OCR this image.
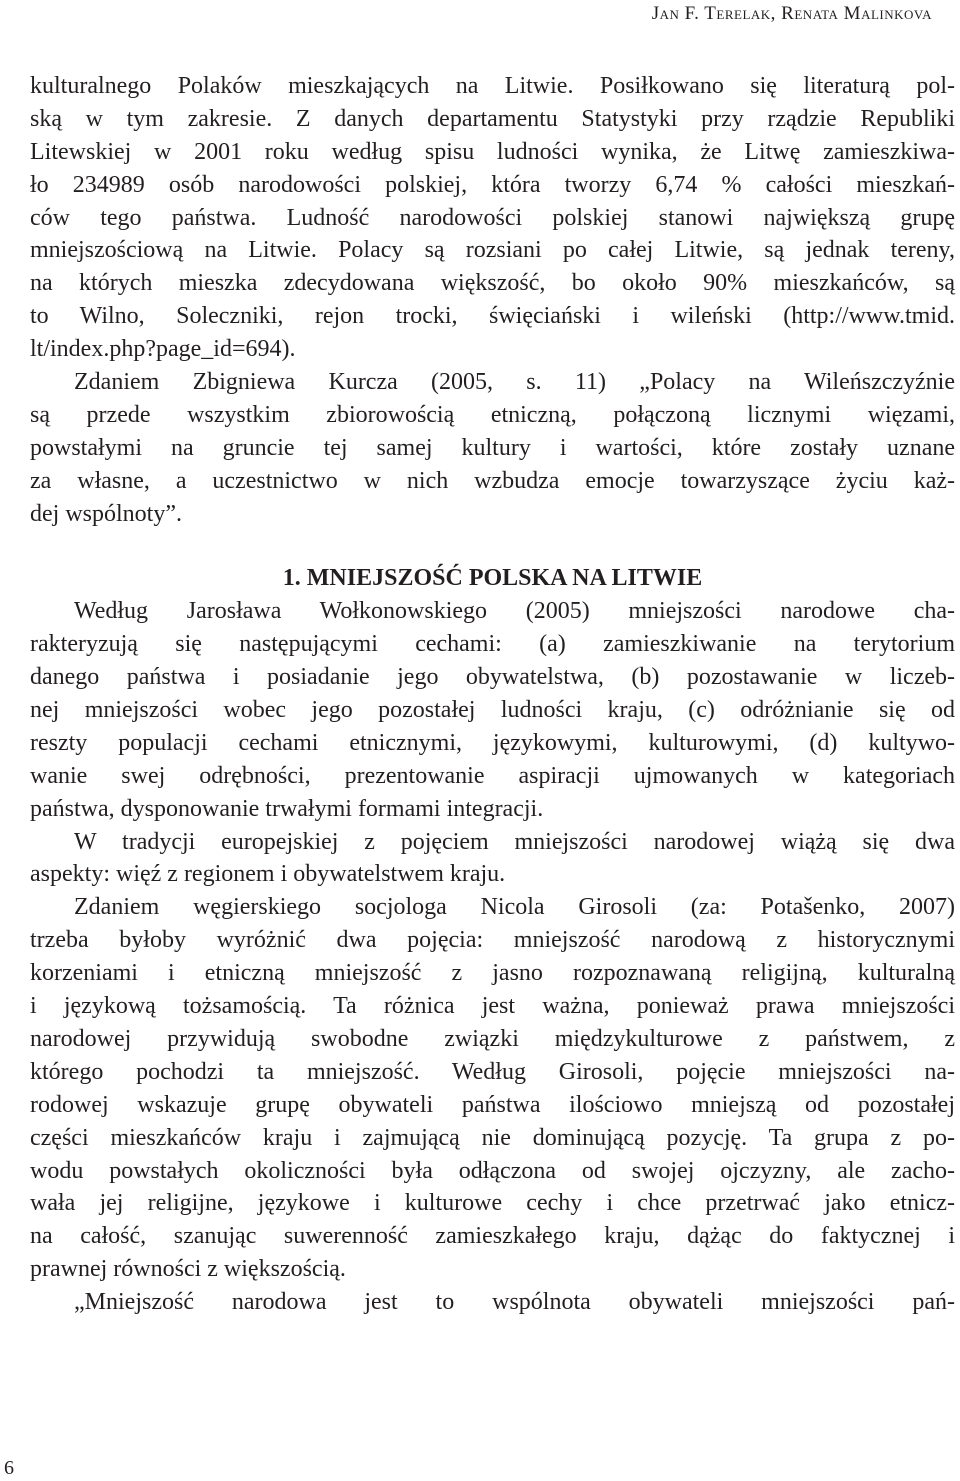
Jan F. Terelak, Renata Malinkova
kulturalnego Polaków mieszkających na Litwie. Posiłkowano się literaturą pol-
ską w tym zakresie. Z danych departamentu Statystyki przy rządzie Republiki
Litewskiej w 2001 roku według spisu ludności wynika, że Litwę zamieszkiwa-
ło 234989 osób narodowości polskiej, która tworzy 6,74 % całości mieszkań-
ców tego państwa. Ludność narodowości polskiej stanowi największą grupę
mniejszościową na Litwie. Polacy są rozsiani po całej Litwie, są jednak tereny,
na których mieszka zdecydowana większość, bo około 90% mieszkańców, są
to Wilno, Soleczniki, rejon trocki, święciański i wileński (http://www.tmid.
lt/index.php?page_id=694).
Zdaniem Zbigniewa Kurcza (2005, s. 11) „Polacy na Wileńszczyźnie
są przede wszystkim zbiorowością etniczną, połączoną licznymi więzami,
powstałymi na gruncie tej samej kultury i wartości, które zostały uznane
za własne, a uczestnictwo w nich wzbudza emocje towarzyszące życiu każ-
dej wspólnoty”.
1. MNIEJSZOŚĆ POLSKA NA LITWIE
Według Jarosława Wołkonowskiego (2005) mniejszości narodowe cha-
rakteryzują się następującymi cechami: (a) zamieszkiwanie na terytorium
danego państwa i posiadanie jego obywatelstwa, (b) pozostawanie w liczeb-
nej mniejszości wobec jego pozostałej ludności kraju, (c) odróżnianie się od
reszty populacji cechami etnicznymi, językowymi, kulturowymi, (d) kultywo-
wanie swej odrębności, prezentowanie aspiracji ujmowanych w kategoriach
państwa, dysponowanie trwałymi formami integracji.
W tradycji europejskiej z pojęciem mniejszości narodowej wiążą się dwa
aspekty: więź z regionem i obywatelstwem kraju.
Zdaniem węgierskiego socjologa Nicola Girosoli (za: Potašenko, 2007)
trzeba byłoby wyróżnić dwa pojęcia: mniejszość narodową z historycznymi
korzeniami i etniczną mniejszość z jasno rozpoznawaną religijną, kulturalną
i językową tożsamością. Ta różnica jest ważna, ponieważ prawa mniejszości
narodowej przywidują swobodne związki międzykulturowe z państwem, z
którego pochodzi ta mniejszość. Według Girosoli, pojęcie mniejszości na-
rodowej wskazuje grupę obywateli państwa ilościowo mniejszą od pozostałej
części mieszkańców kraju i zajmującą nie dominującą pozycję. Ta grupa z po-
wodu powstałych okoliczności była odłączona od swojej ojczyzny, ale zacho-
wała jej religijne, językowe i kulturowe cechy i chce przetrwać jako etnicz-
na całość, szanując suwerenność zamieszkałego kraju, dążąc do faktycznej i
prawnej równości z większością.
„Mniejszość narodowa jest to wspólnota obywateli mniejszości pań-
6
